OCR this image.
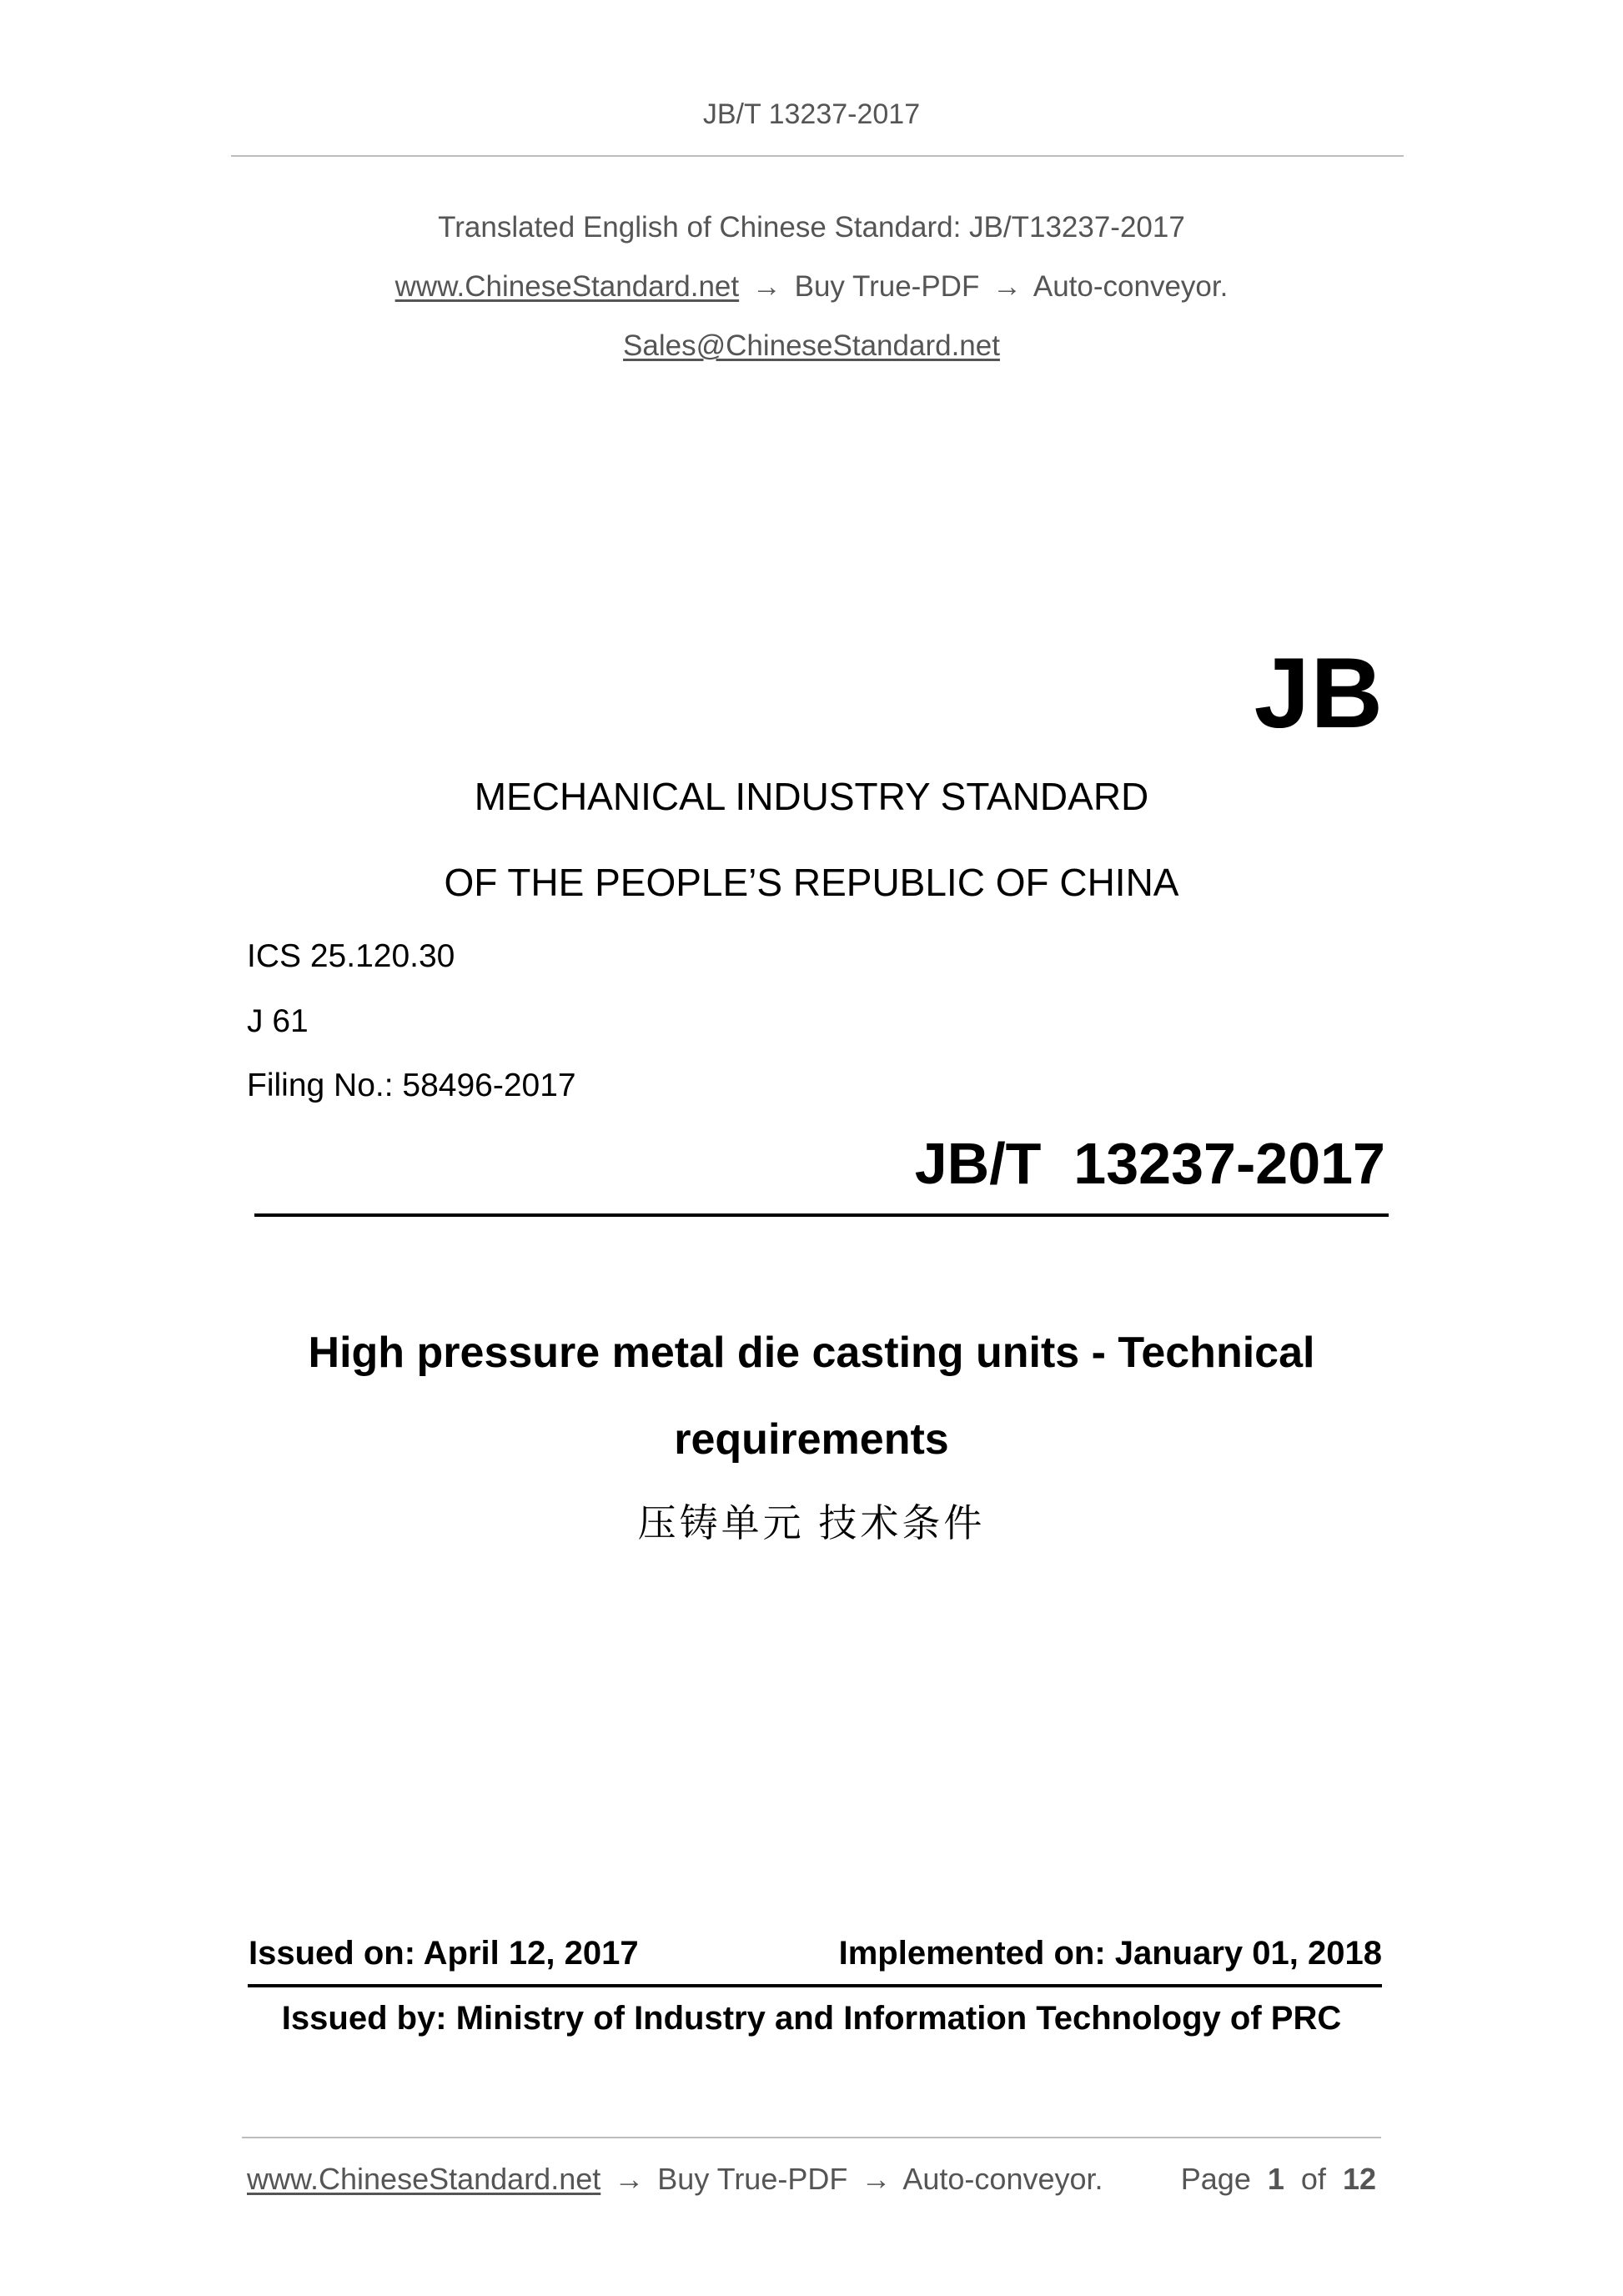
JB/T 13237-2017
Translated English of Chinese Standard: JB/T13237-2017
www.ChineseStandard.net → Buy True-PDF → Auto-conveyor.
Sales@ChineseStandard.net
JB
MECHANICAL INDUSTRY STANDARD
OF THE PEOPLE’S REPUBLIC OF CHINA
ICS 25.120.30
J 61
Filing No.: 58496-2017
JB/T  13237-2017
High pressure metal die casting units - Technical requirements
压铸单元 技术条件
Issued on: April 12, 2017	Implemented on: January 01, 2018
Issued by: Ministry of Industry and Information Technology of PRC
www.ChineseStandard.net → Buy True-PDF → Auto-conveyor.	Page 1 of 12
